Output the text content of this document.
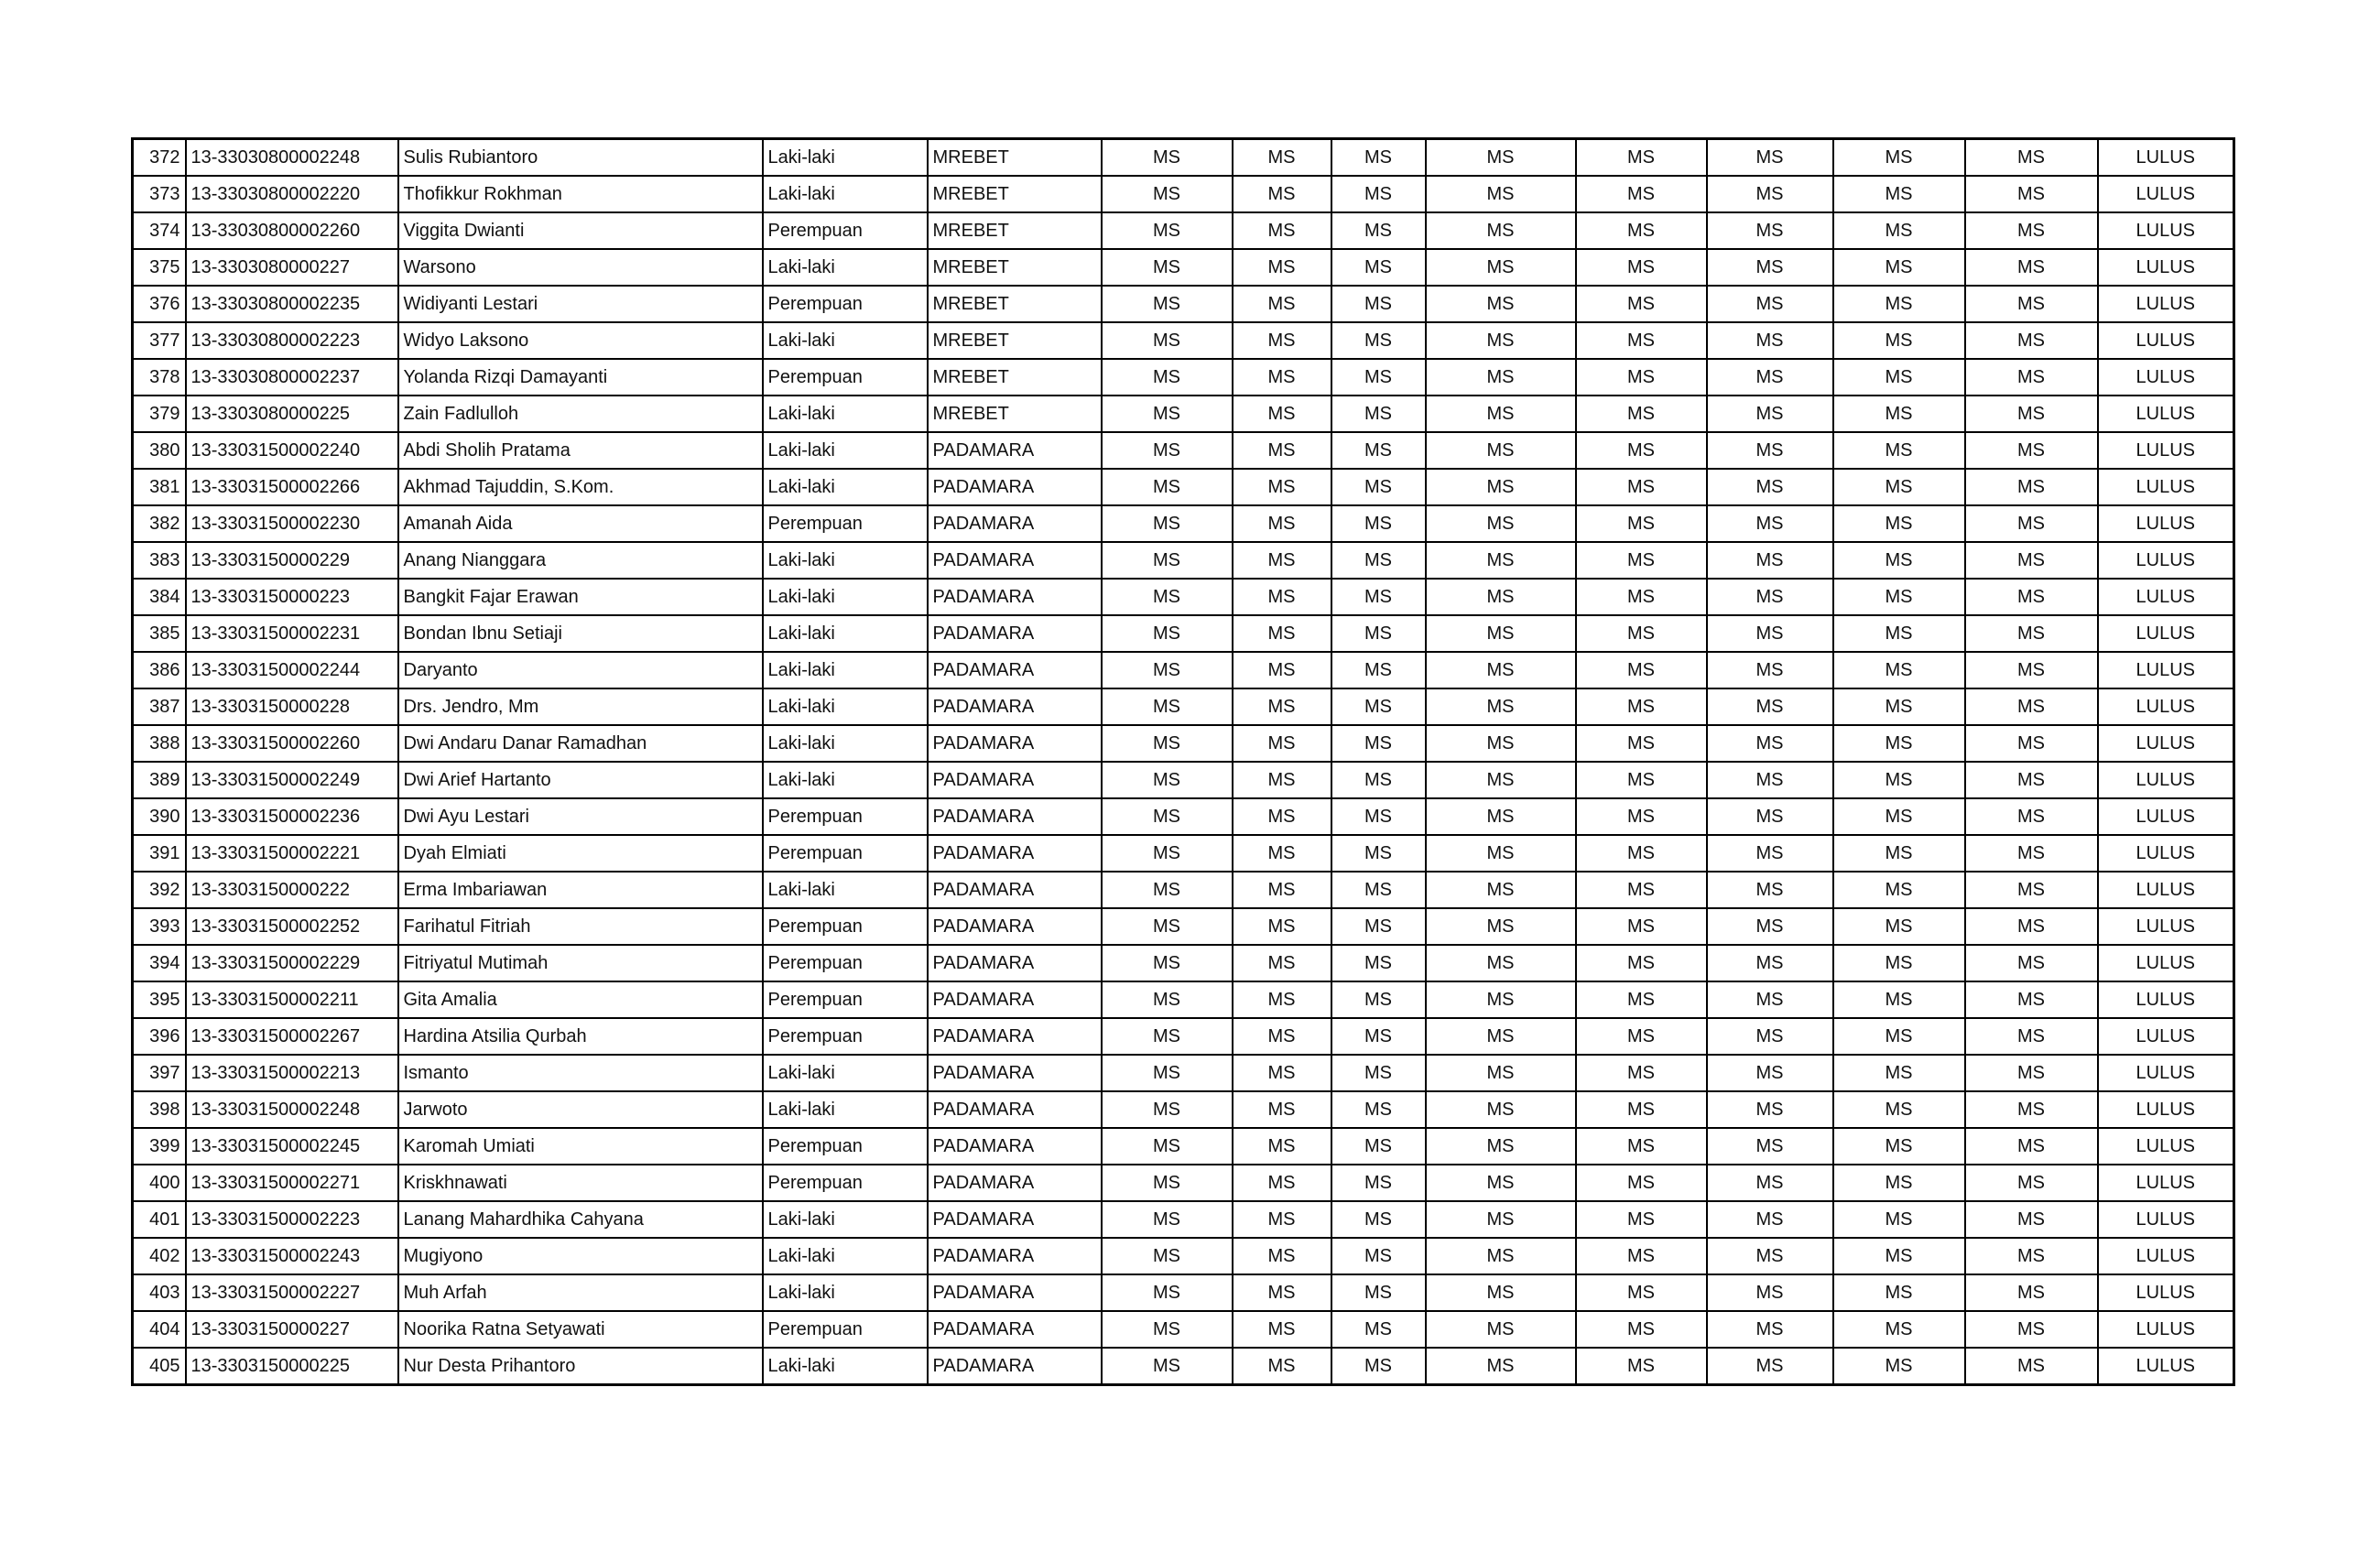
372	13-33030800002248	Sulis Rubiantoro	Laki-laki	MREBET	MS	MS	MS	MS	MS	MS	MS	MS	LULUS
373	13-33030800002220	Thofikkur Rokhman	Laki-laki	MREBET	MS	MS	MS	MS	MS	MS	MS	MS	LULUS
374	13-33030800002260	Viggita Dwianti	Perempuan	MREBET	MS	MS	MS	MS	MS	MS	MS	MS	LULUS
375	13-3303080000227	Warsono	Laki-laki	MREBET	MS	MS	MS	MS	MS	MS	MS	MS	LULUS
376	13-33030800002235	Widiyanti Lestari	Perempuan	MREBET	MS	MS	MS	MS	MS	MS	MS	MS	LULUS
377	13-33030800002223	Widyo Laksono	Laki-laki	MREBET	MS	MS	MS	MS	MS	MS	MS	MS	LULUS
378	13-33030800002237	Yolanda Rizqi Damayanti	Perempuan	MREBET	MS	MS	MS	MS	MS	MS	MS	MS	LULUS
379	13-3303080000225	Zain Fadlulloh	Laki-laki	MREBET	MS	MS	MS	MS	MS	MS	MS	MS	LULUS
380	13-33031500002240	Abdi Sholih Pratama	Laki-laki	PADAMARA	MS	MS	MS	MS	MS	MS	MS	MS	LULUS
381	13-33031500002266	Akhmad Tajuddin, S.Kom.	Laki-laki	PADAMARA	MS	MS	MS	MS	MS	MS	MS	MS	LULUS
382	13-33031500002230	Amanah Aida	Perempuan	PADAMARA	MS	MS	MS	MS	MS	MS	MS	MS	LULUS
383	13-3303150000229	Anang Nianggara	Laki-laki	PADAMARA	MS	MS	MS	MS	MS	MS	MS	MS	LULUS
384	13-3303150000223	Bangkit Fajar Erawan	Laki-laki	PADAMARA	MS	MS	MS	MS	MS	MS	MS	MS	LULUS
385	13-33031500002231	Bondan Ibnu Setiaji	Laki-laki	PADAMARA	MS	MS	MS	MS	MS	MS	MS	MS	LULUS
386	13-33031500002244	Daryanto	Laki-laki	PADAMARA	MS	MS	MS	MS	MS	MS	MS	MS	LULUS
387	13-3303150000228	Drs. Jendro, Mm	Laki-laki	PADAMARA	MS	MS	MS	MS	MS	MS	MS	MS	LULUS
388	13-33031500002260	Dwi Andaru Danar Ramadhan	Laki-laki	PADAMARA	MS	MS	MS	MS	MS	MS	MS	MS	LULUS
389	13-33031500002249	Dwi Arief Hartanto	Laki-laki	PADAMARA	MS	MS	MS	MS	MS	MS	MS	MS	LULUS
390	13-33031500002236	Dwi Ayu Lestari	Perempuan	PADAMARA	MS	MS	MS	MS	MS	MS	MS	MS	LULUS
391	13-33031500002221	Dyah Elmiati	Perempuan	PADAMARA	MS	MS	MS	MS	MS	MS	MS	MS	LULUS
392	13-3303150000222	Erma Imbariawan	Laki-laki	PADAMARA	MS	MS	MS	MS	MS	MS	MS	MS	LULUS
393	13-33031500002252	Farihatul Fitriah	Perempuan	PADAMARA	MS	MS	MS	MS	MS	MS	MS	MS	LULUS
394	13-33031500002229	Fitriyatul Mutimah	Perempuan	PADAMARA	MS	MS	MS	MS	MS	MS	MS	MS	LULUS
395	13-33031500002211	Gita Amalia	Perempuan	PADAMARA	MS	MS	MS	MS	MS	MS	MS	MS	LULUS
396	13-33031500002267	Hardina Atsilia Qurbah	Perempuan	PADAMARA	MS	MS	MS	MS	MS	MS	MS	MS	LULUS
397	13-33031500002213	Ismanto	Laki-laki	PADAMARA	MS	MS	MS	MS	MS	MS	MS	MS	LULUS
398	13-33031500002248	Jarwoto	Laki-laki	PADAMARA	MS	MS	MS	MS	MS	MS	MS	MS	LULUS
399	13-33031500002245	Karomah Umiati	Perempuan	PADAMARA	MS	MS	MS	MS	MS	MS	MS	MS	LULUS
400	13-33031500002271	Kriskhnawati	Perempuan	PADAMARA	MS	MS	MS	MS	MS	MS	MS	MS	LULUS
401	13-33031500002223	Lanang Mahardhika Cahyana	Laki-laki	PADAMARA	MS	MS	MS	MS	MS	MS	MS	MS	LULUS
402	13-33031500002243	Mugiyono	Laki-laki	PADAMARA	MS	MS	MS	MS	MS	MS	MS	MS	LULUS
403	13-33031500002227	Muh Arfah	Laki-laki	PADAMARA	MS	MS	MS	MS	MS	MS	MS	MS	LULUS
404	13-3303150000227	Noorika Ratna Setyawati	Perempuan	PADAMARA	MS	MS	MS	MS	MS	MS	MS	MS	LULUS
405	13-3303150000225	Nur Desta Prihantoro	Laki-laki	PADAMARA	MS	MS	MS	MS	MS	MS	MS	MS	LULUS
